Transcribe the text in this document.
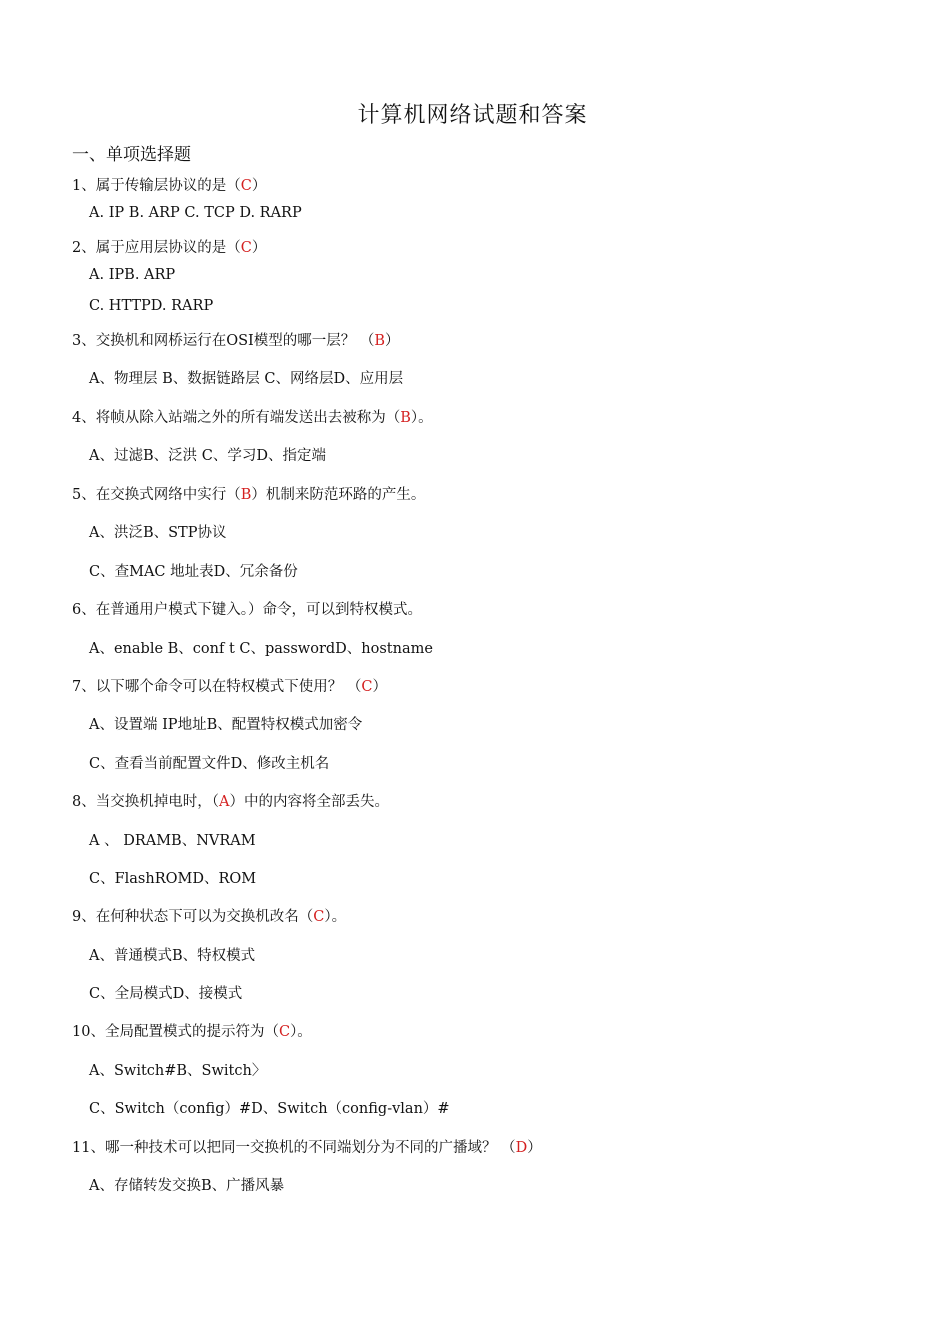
计算机网络试题和答案
一、单项选择题
1、属于传输层协议的是（C）
A. IP B. ARP C. TCP D. RARP
2、属于应用层协议的是（C）
A. IPB. ARP
C. HTTPD. RARP
3、交换机和网桥运行在OSI模型的哪一层？ （B）
A、物理层 B、数据链路层 C、网络层D、应用层
4、将帧从除入站端之外的所有端发送出去被称为（B）。
A、过滤B、泛洪 C、学习D、指定端
5、在交换式网络中实行（B）机制来防范环路的产生。
A、洪泛B、STP协议
C、查MAC 地址表D、冗余备份
6、在普通用户模式下键入。）命令，可以到特权模式。
A、enable B、conf t C、passwordD、hostname
7、以下哪个命令可以在特权模式下使用？ （C）
A、设置端 IP地址B、配置特权模式加密令
C、查看当前配置文件D、修改主机名
8、当交换机掉电时，（A）中的内容将全部丢失。
A 、 DRAMB、NVRAM
C、FlashROMD、ROM
9、在何种状态下可以为交换机改名（C）。
A、普通模式B、特权模式
C、全局模式D、接模式
10、全局配置模式的提示符为（C）。
A、Switch#B、Switch〉
C、Switch（config）#D、Switch（config-vlan）#
11、哪一种技术可以把同一交换机的不同端划分为不同的广播域？ （D）
A、存储转发交换B、广播风暴
